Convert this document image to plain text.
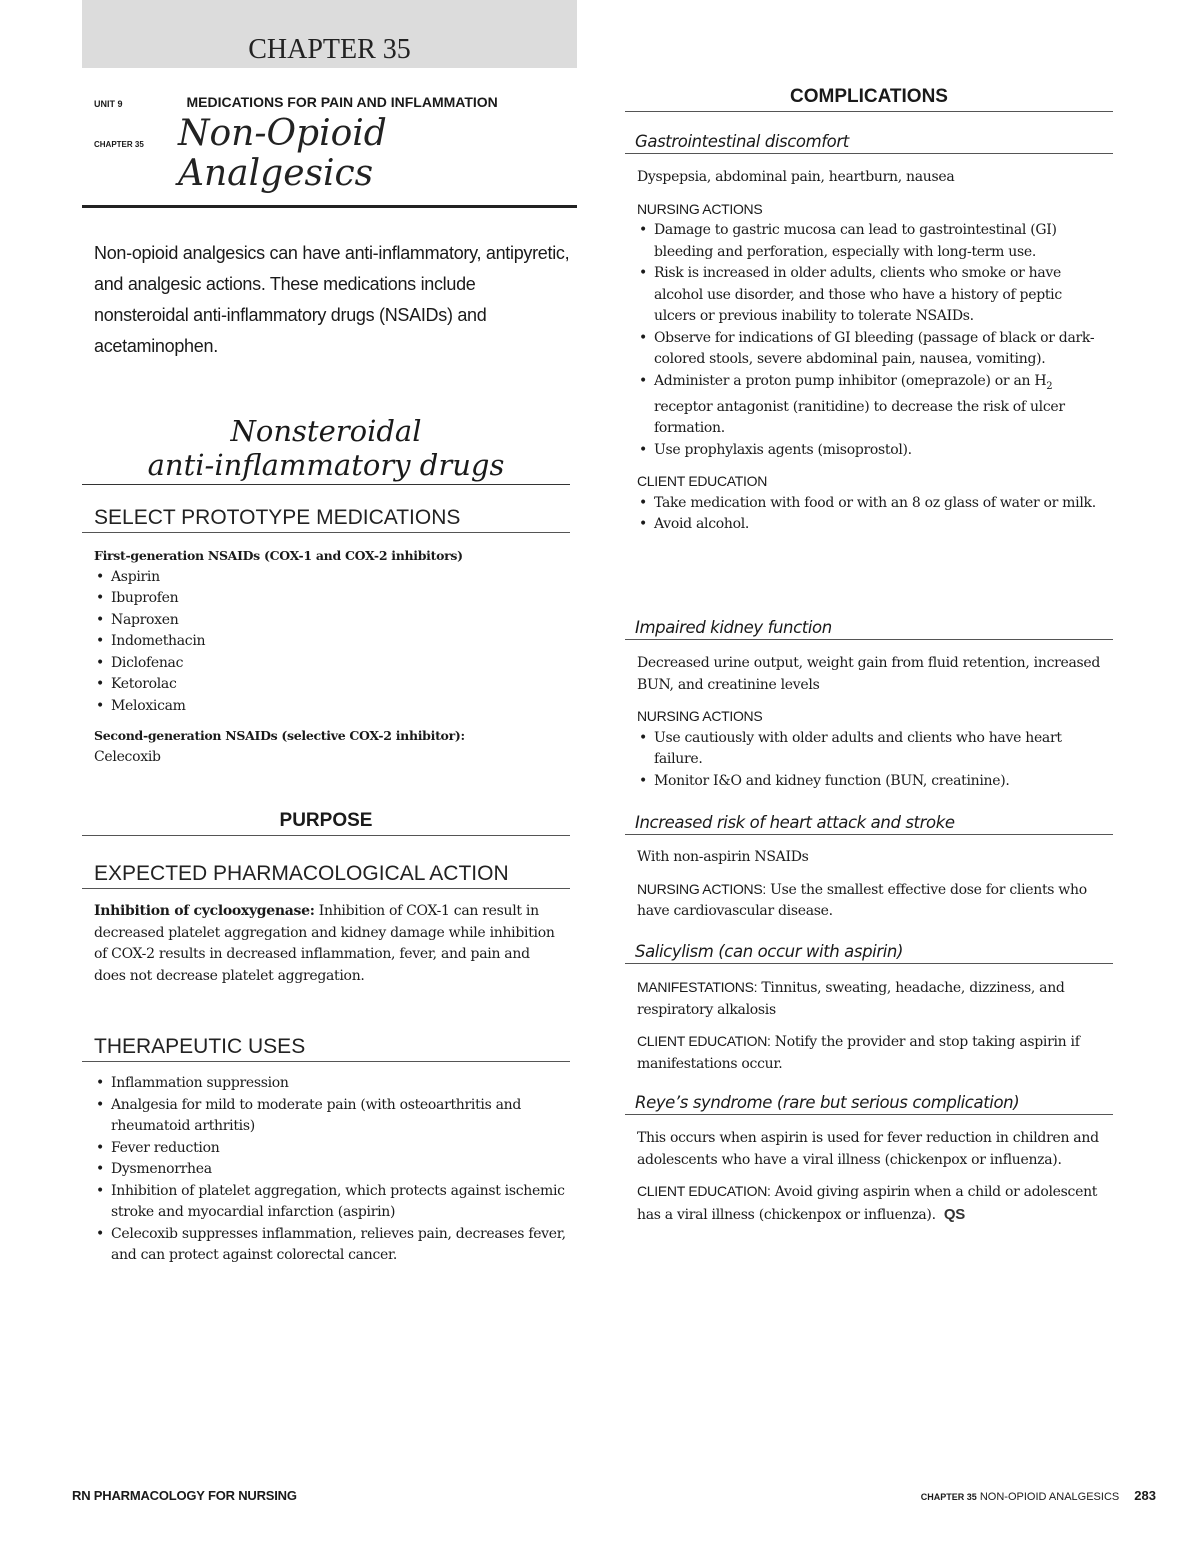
CHAPTER 35
UNIT 9	MEDICATIONS FOR PAIN AND INFLAMMATION
CHAPTER 35 Non-Opioid
Analgesics
Non-opioid analgesics can have anti-inflammatory, antipyretic, and analgesic actions. These medications include nonsteroidal anti-inflammatory drugs (NSAIDs) and acetaminophen.
Nonsteroidal
anti-inflammatory drugs
SELECT PROTOTYPE MEDICATIONS
First-generation NSAIDs (COX-1 and COX-2 inhibitors)
• Aspirin
• Ibuprofen
• Naproxen
• Indomethacin
• Diclofenac
• Ketorolac
• Meloxicam
Second-generation NSAIDs (selective COX-2 inhibitor):
Celecoxib
PURPOSE
EXPECTED PHARMACOLOGICAL ACTION
Inhibition of cyclooxygenase: Inhibition of COX-1 can result in decreased platelet aggregation and kidney damage while inhibition of COX-2 results in decreased inflammation, fever, and pain and does not decrease platelet aggregation.
THERAPEUTIC USES
• Inflammation suppression
• Analgesia for mild to moderate pain (with osteoarthritis and rheumatoid arthritis)
• Fever reduction
• Dysmenorrhea
• Inhibition of platelet aggregation, which protects against ischemic stroke and myocardial infarction (aspirin)
• Celecoxib suppresses inflammation, relieves pain, decreases fever, and can protect against colorectal cancer.
COMPLICATIONS
Gastrointestinal discomfort
Dyspepsia, abdominal pain, heartburn, nausea
NURSING ACTIONS
• Damage to gastric mucosa can lead to gastrointestinal (GI) bleeding and perforation, especially with long-term use.
• Risk is increased in older adults, clients who smoke or have alcohol use disorder, and those who have a history of peptic ulcers or previous inability to tolerate NSAIDs.
• Observe for indications of GI bleeding (passage of black or dark-colored stools, severe abdominal pain, nausea, vomiting).
• Administer a proton pump inhibitor (omeprazole) or an $H_2$ receptor antagonist (ranitidine) to decrease the risk of ulcer formation.
• Use prophylaxis agents (misoprostol).
CLIENT EDUCATION
• Take medication with food or with an 8 oz glass of water or milk.
• Avoid alcohol.
Impaired kidney function
Decreased urine output, weight gain from fluid retention, increased BUN, and creatinine levels
NURSING ACTIONS
• Use cautiously with older adults and clients who have heart failure.
• Monitor I&O and kidney function (BUN, creatinine).
Increased risk of heart attack and stroke
With non-aspirin NSAIDs
NURSING ACTIONS: Use the smallest effective dose for clients who have cardiovascular disease.
Salicylism (can occur with aspirin)
MANIFESTATIONS: Tinnitus, sweating, headache, dizziness, and respiratory alkalosis
CLIENT EDUCATION: Notify the provider and stop taking aspirin if manifestations occur.
Reye’s syndrome (rare but serious complication)
This occurs when aspirin is used for fever reduction in children and adolescents who have a viral illness (chickenpox or influenza).
CLIENT EDUCATION: Avoid giving aspirin when a child or adolescent has a viral illness (chickenpox or influenza). QS
RN PHARMACOLOGY FOR NURSING	CHAPTER 35 NON-OPIOID ANALGESICS 283
